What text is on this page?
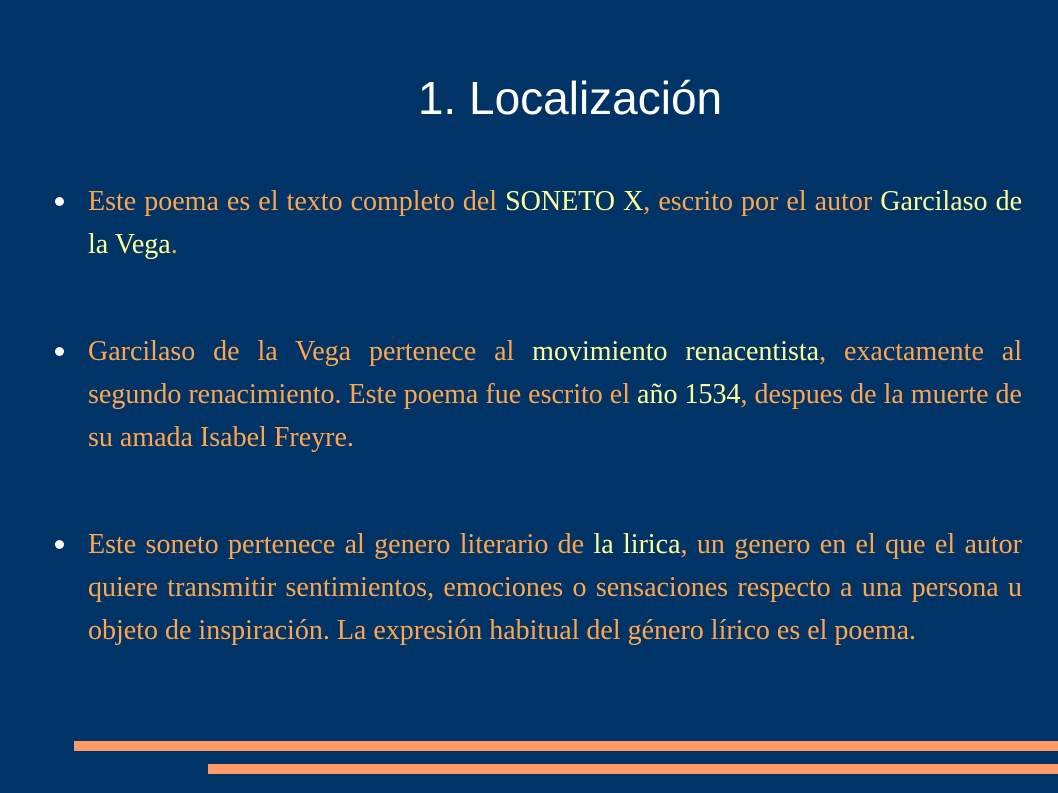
1. Localización
Este poema es el texto completo del SONETO X, escrito por el autor Garcilaso de la Vega.
Garcilaso de la Vega pertenece al movimiento renacentista, exactamente al segundo renacimiento. Este poema fue escrito el año 1534, despues de la muerte de su amada Isabel Freyre.
Este soneto pertenece al genero literario de la lirica, un genero en el que el autor quiere transmitir sentimientos, emociones o sensaciones respecto a una persona u objeto de inspiración. La expresión habitual del género lírico es el poema.
